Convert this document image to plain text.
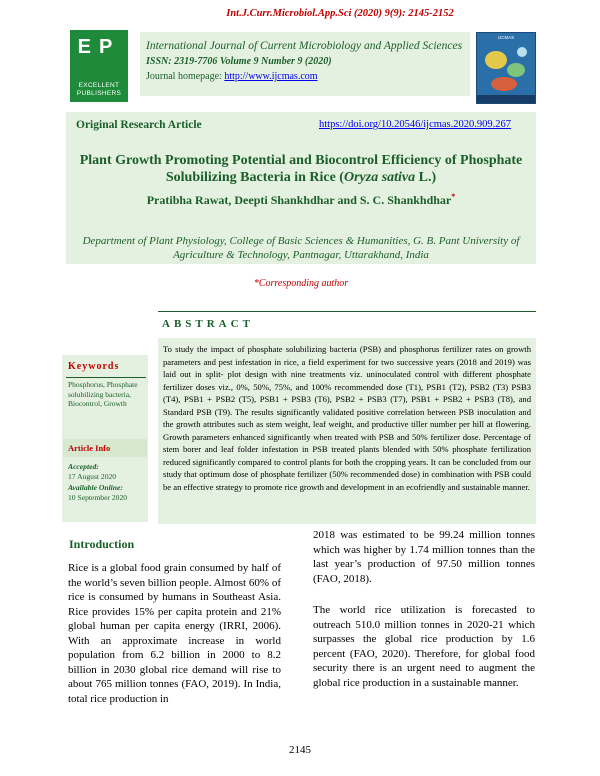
Int.J.Curr.Microbiol.App.Sci (2020) 9(9): 2145-2152
EP
EXCELLENT PUBLISHERS
International Journal of Current Microbiology and Applied Sciences
ISSN: 2319-7706 Volume 9 Number 9 (2020)
Journal homepage: http://www.ijcmas.com
IJCMAS
Original Research Article	https://doi.org/10.20546/ijcmas.2020.909.267
Plant Growth Promoting Potential and Biocontrol Efficiency of Phosphate Solubilizing Bacteria in Rice (Oryza sativa L.)
Pratibha Rawat, Deepti Shankhdhar and S. C. Shankhdhar*
Department of Plant Physiology, College of Basic Sciences & Humanities, G. B. Pant University of Agriculture & Technology, Pantnagar, Uttarakhand, India
*Corresponding author
ABSTRACT
To study the impact of phosphate solubilizing bacteria (PSB) and phosphorus fertilizer rates on growth parameters and pest infestation in rice, a field experiment for two successive years (2018 and 2019) was laid out in split- plot design with nine treatments viz. uninoculated control with different phosphate fertilizer doses viz., 0%, 50%, 75%, and 100% recommended dose (T1), PSB1 (T2), PSB2 (T3) PSB3 (T4), PSB1 + PSB2 (T5), PSB1 + PSB3 (T6), PSB2 + PSB3 (T7), PSB1 + PSB2 + PSB3 (T8), and Standard PSB (T9). The results significantly validated positive correlation between PSB inoculation and the growth attributes such as stem weight, leaf weight, and productive tiller number per hill at flowering. Growth parameters enhanced significantly when treated with PSB and 50% fertilizer dose. Percentage of stem borer and leaf folder infestation in PSB treated plants blended with 50% phosphate fertilization reduced significantly compared to control plants for both the cropping years. It can be concluded from our study that optimum dose of phosphate fertilizer (50% recommended dose) in combination with PSB could be an effective strategy to promote rice growth and development in an ecofriendly and sustainable manner.
Keywords
Phosphorus, Phosphate solubilizing bacteria, Biocontrol, Growth
Article Info
Accepted:
17 August 2020
Available Online:
10 September 2020
Introduction
Rice is a global food grain consumed by half of the world’s seven billion people. Almost 60% of rice is consumed by humans in Southeast Asia. Rice provides 15% per capita protein and 21% global human per capita energy (IRRI, 2006). With an approximate increase in world population from 6.2 billion in 2000 to 8.2 billion in 2030 global rice demand will rise to about 765 million tonnes (FAO, 2019). In India, total rice production in
2018 was estimated to be 99.24 million tonnes which was higher by 1.74 million tonnes than the last year’s production of 97.50 million tonnes (FAO, 2018).
The world rice utilization is forecasted to outreach 510.0 million tonnes in 2020-21 which surpasses the global rice production by 1.6 percent (FAO, 2020). Therefore, for global food security there is an urgent need to augment the global rice production in a sustainable manner.
2145
